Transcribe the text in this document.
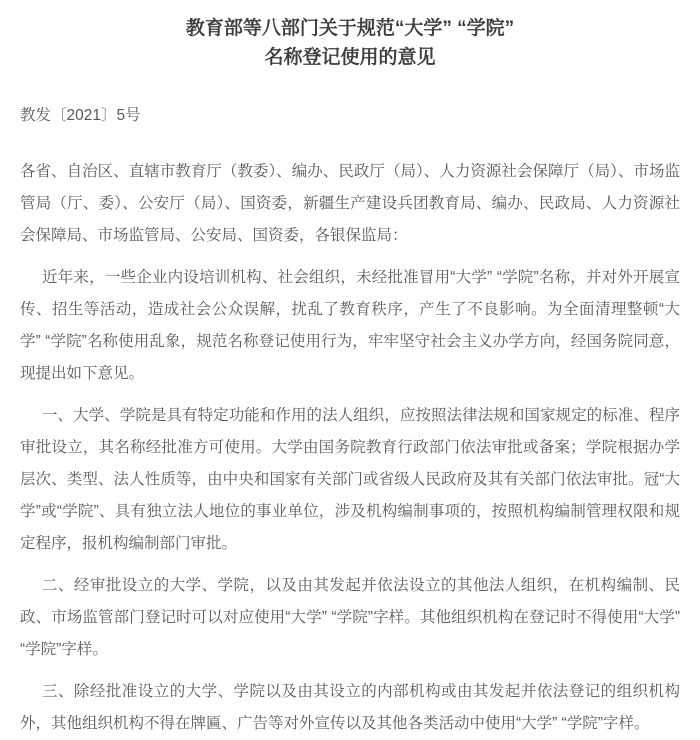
教育部等八部门关于规范“大学” “学院”
名称登记使用的意见
教发〔2021〕5号
各省、自治区、直辖市教育厅（教委）、编办、民政厅（局）、人力资源社会保障厅（局）、市场监管局（厅、委）、公安厅（局）、国资委，新疆生产建设兵团教育局、编办、民政局、人力资源社会保障局、市场监管局、公安局、国资委，各银保监局：

近年来，一些企业内设培训机构、社会组织，未经批准冒用“大学” “学院”名称，并对外开展宣传、招生等活动，造成社会公众误解，扰乱了教育秩序，产生了不良影响。为全面清理整顿“大学” “学院”名称使用乱象，规范名称登记使用行为，牢牢坚守社会主义办学方向，经国务院同意，现提出如下意见。

一、大学、学院是具有特定功能和作用的法人组织，应按照法律法规和国家规定的标准、程序审批设立，其名称经批准方可使用。大学由国务院教育行政部门依法审批或备案；学院根据办学层次、类型、法人性质等，由中央和国家有关部门或省级人民政府及其有关部门依法审批。冠“大学”或“学院”、具有独立法人地位的事业单位，涉及机构编制事项的，按照机构编制管理权限和规定程序，报机构编制部门审批。

二、经审批设立的大学、学院，以及由其发起并依法设立的其他法人组织，在机构编制、民政、市场监管部门登记时可以对应使用“大学” “学院”字样。其他组织机构在登记时不得使用“大学” “学院”字样。

三、除经批准设立的大学、学院以及由其设立的内部机构或由其发起并依法登记的组织机构外，其他组织机构不得在牌匾、广告等对外宣传以及其他各类活动中使用“大学” “学院”字样。
